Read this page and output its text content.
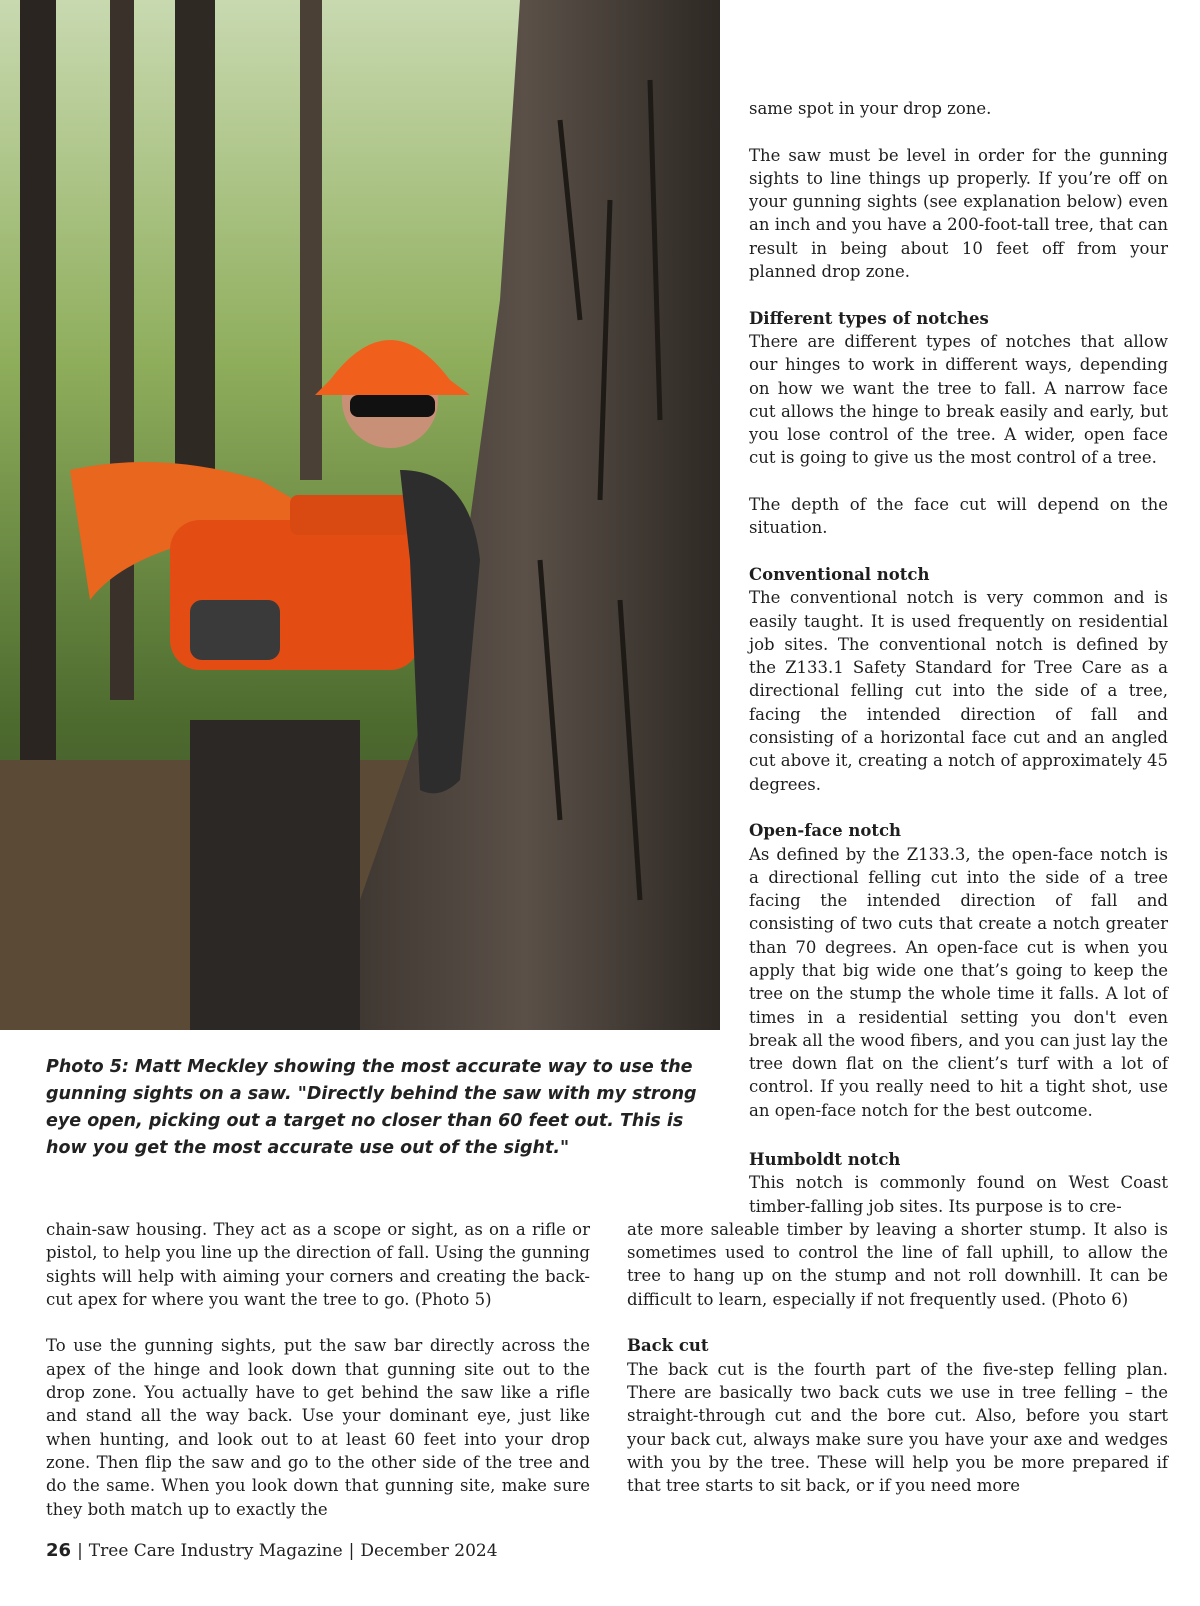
Photo 5: Matt Meckley showing the most accurate way to use the gunning sights on a saw. "Directly behind the saw with my strong eye open, picking out a target no closer than 60 feet out. This is how you get the most accurate use out of the sight."

same spot in your drop zone.

The saw must be level in order for the gunning sights to line things up properly. If you’re off on your gunning sights (see explanation below) even an inch and you have a 200-foot-tall tree, that can result in being about 10 feet off from your planned drop zone.

Different types of notches

There are different types of notches that allow our hinges to work in different ways, depending on how we want the tree to fall. A narrow face cut allows the hinge to break easily and early, but you lose control of the tree. A wider, open face cut is going to give us the most control of a tree.

The depth of the face cut will depend on the situation.

Conventional notch

The conventional notch is very common and is easily taught. It is used frequently on residential job sites. The conventional notch is defined by the Z133.1 Safety Standard for Tree Care as a directional felling cut into the side of a tree, facing the intended direction of fall and consisting of a horizontal face cut and an angled cut above it, creating a notch of approximately 45 degrees.

Open-face notch

As defined by the Z133.3, the open-face notch is a directional felling cut into the side of a tree facing the intended direction of fall and consisting of two cuts that create a notch greater than 70 degrees. An open-face cut is when you apply that big wide one that’s going to keep the tree on the stump the whole time it falls. A lot of times in a residential setting you don't even break all the wood fibers, and you can just lay the tree down flat on the client’s turf with a lot of control. If you really need to hit a tight shot, use an open-face notch for the best outcome.

Humboldt notch
This notch is commonly found on West Coast timber-falling job sites. Its purpose is to cre-

ate more saleable timber by leaving a shorter stump. It also is sometimes used to control the line of fall uphill, to allow the tree to hang up on the stump and not roll downhill. It can be difficult to learn, especially if not frequently used. (Photo 6)

Back cut

The back cut is the fourth part of the five-step felling plan. There are basically two back cuts we use in tree felling – the straight-through cut and the bore cut. Also, before you start your back cut, always make sure you have your axe and wedges with you by the tree. These will help you be more prepared if that tree starts to sit back, or if you need more

chain-saw housing. They act as a scope or sight, as on a rifle or pistol, to help you line up the direction of fall. Using the gunning sights will help with aiming your corners and creating the back-cut apex for where you want the tree to go. (Photo 5)

To use the gunning sights, put the saw bar directly across the apex of the hinge and look down that gunning site out to the drop zone. You actually have to get behind the saw like a rifle and stand all the way back. Use your dominant eye, just like when hunting, and look out to at least 60 feet into your drop zone. Then flip the saw and go to the other side of the tree and do the same. When you look down that gunning site, make sure they both match up to exactly the

26 | Tree Care Industry Magazine | December 2024
